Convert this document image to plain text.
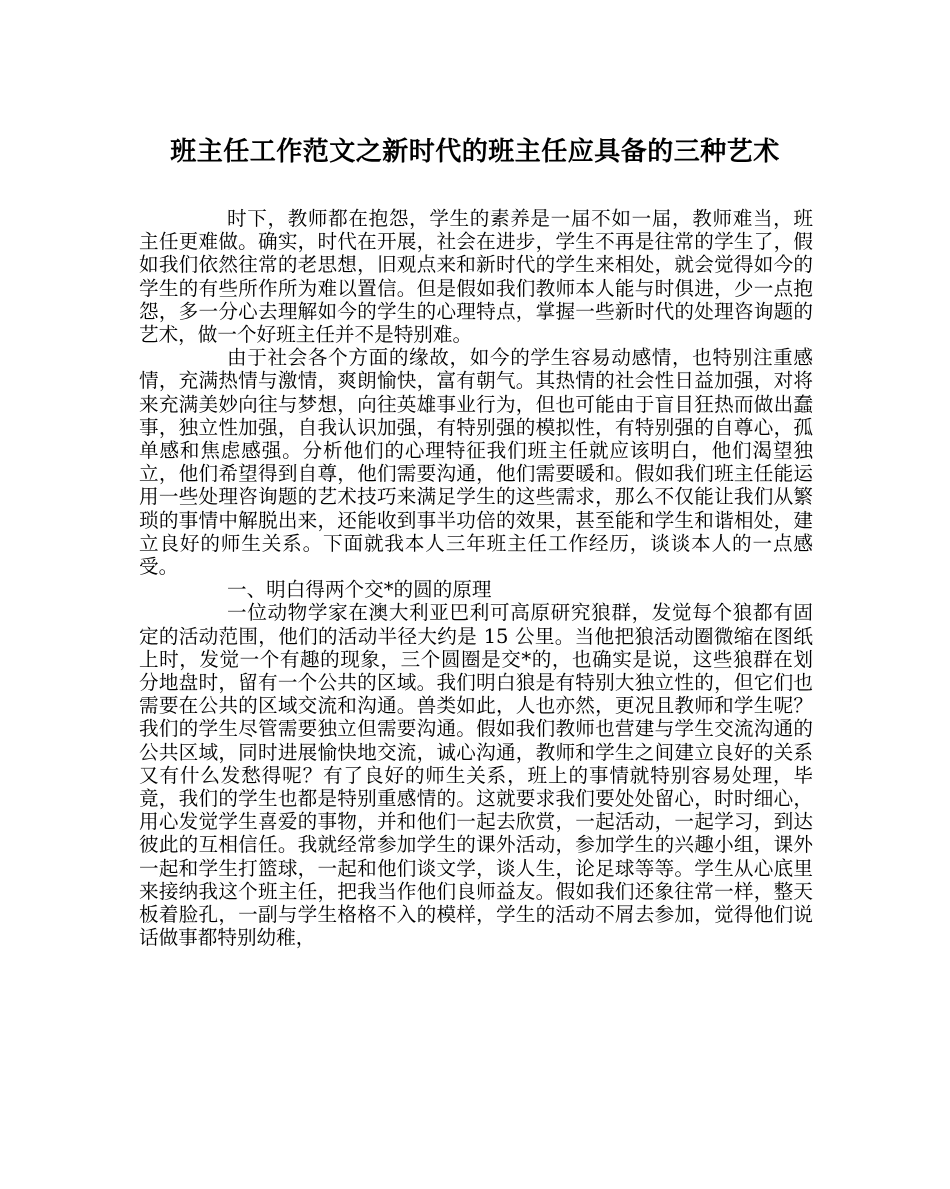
班主任工作范文之新时代的班主任应具备的三种艺术

时下，教师都在抱怨，学生的素养是一届不如一届，教师难当，班主任更难做。确实，时代在开展，社会在进步，学生不再是往常的学生了，假如我们依然往常的老思想，旧观点来和新时代的学生来相处，就会觉得如今的学生的有些所作所为难以置信。但是假如我们教师本人能与时俱进，少一点抱怨，多一分心去理解如今的学生的心理特点，掌握一些新时代的处理咨询题的艺术，做一个好班主任并不是特别难。

由于社会各个方面的缘故，如今的学生容易动感情，也特别注重感情，充满热情与激情，爽朗愉快，富有朝气。其热情的社会性日益加强，对将来充满美妙向往与梦想，向往英雄事业行为，但也可能由于盲目狂热而做出蠢事，独立性加强，自我认识加强，有特别强的模拟性，有特别强的自尊心，孤单感和焦虑感强。分析他们的心理特征我们班主任就应该明白，他们渴望独立，他们希望得到自尊，他们需要沟通，他们需要暖和。假如我们班主任能运用一些处理咨询题的艺术技巧来满足学生的这些需求，那么不仅能让我们从繁琐的事情中解脱出来，还能收到事半功倍的效果，甚至能和学生和谐相处，建立良好的师生关系。下面就我本人三年班主任工作经历，谈谈本人的一点感受。

一、明白得两个交*的圆的原理

一位动物学家在澳大利亚巴利可高原研究狼群，发觉每个狼都有固定的活动范围，他们的活动半径大约是 15 公里。当他把狼活动圈微缩在图纸上时，发觉一个有趣的现象，三个圆圈是交*的，也确实是说，这些狼群在划分地盘时，留有一个公共的区域。我们明白狼是有特别大独立性的，但它们也需要在公共的区域交流和沟通。兽类如此，人也亦然，更况且教师和学生呢？我们的学生尽管需要独立但需要沟通。假如我们教师也营建与学生交流沟通的公共区域，同时进展愉快地交流，诚心沟通，教师和学生之间建立良好的关系又有什么发愁得呢？有了良好的师生关系，班上的事情就特别容易处理，毕竟，我们的学生也都是特别重感情的。这就要求我们要处处留心，时时细心，用心发觉学生喜爱的事物，并和他们一起去欣赏，一起活动，一起学习，到达彼此的互相信任。我就经常参加学生的课外活动，参加学生的兴趣小组，课外一起和学生打篮球，一起和他们谈文学，谈人生，论足球等等。学生从心底里来接纳我这个班主任，把我当作他们良师益友。假如我们还象往常一样，整天板着脸孔，一副与学生格格不入的模样，学生的活动不屑去参加，觉得他们说话做事都特别幼稚，
